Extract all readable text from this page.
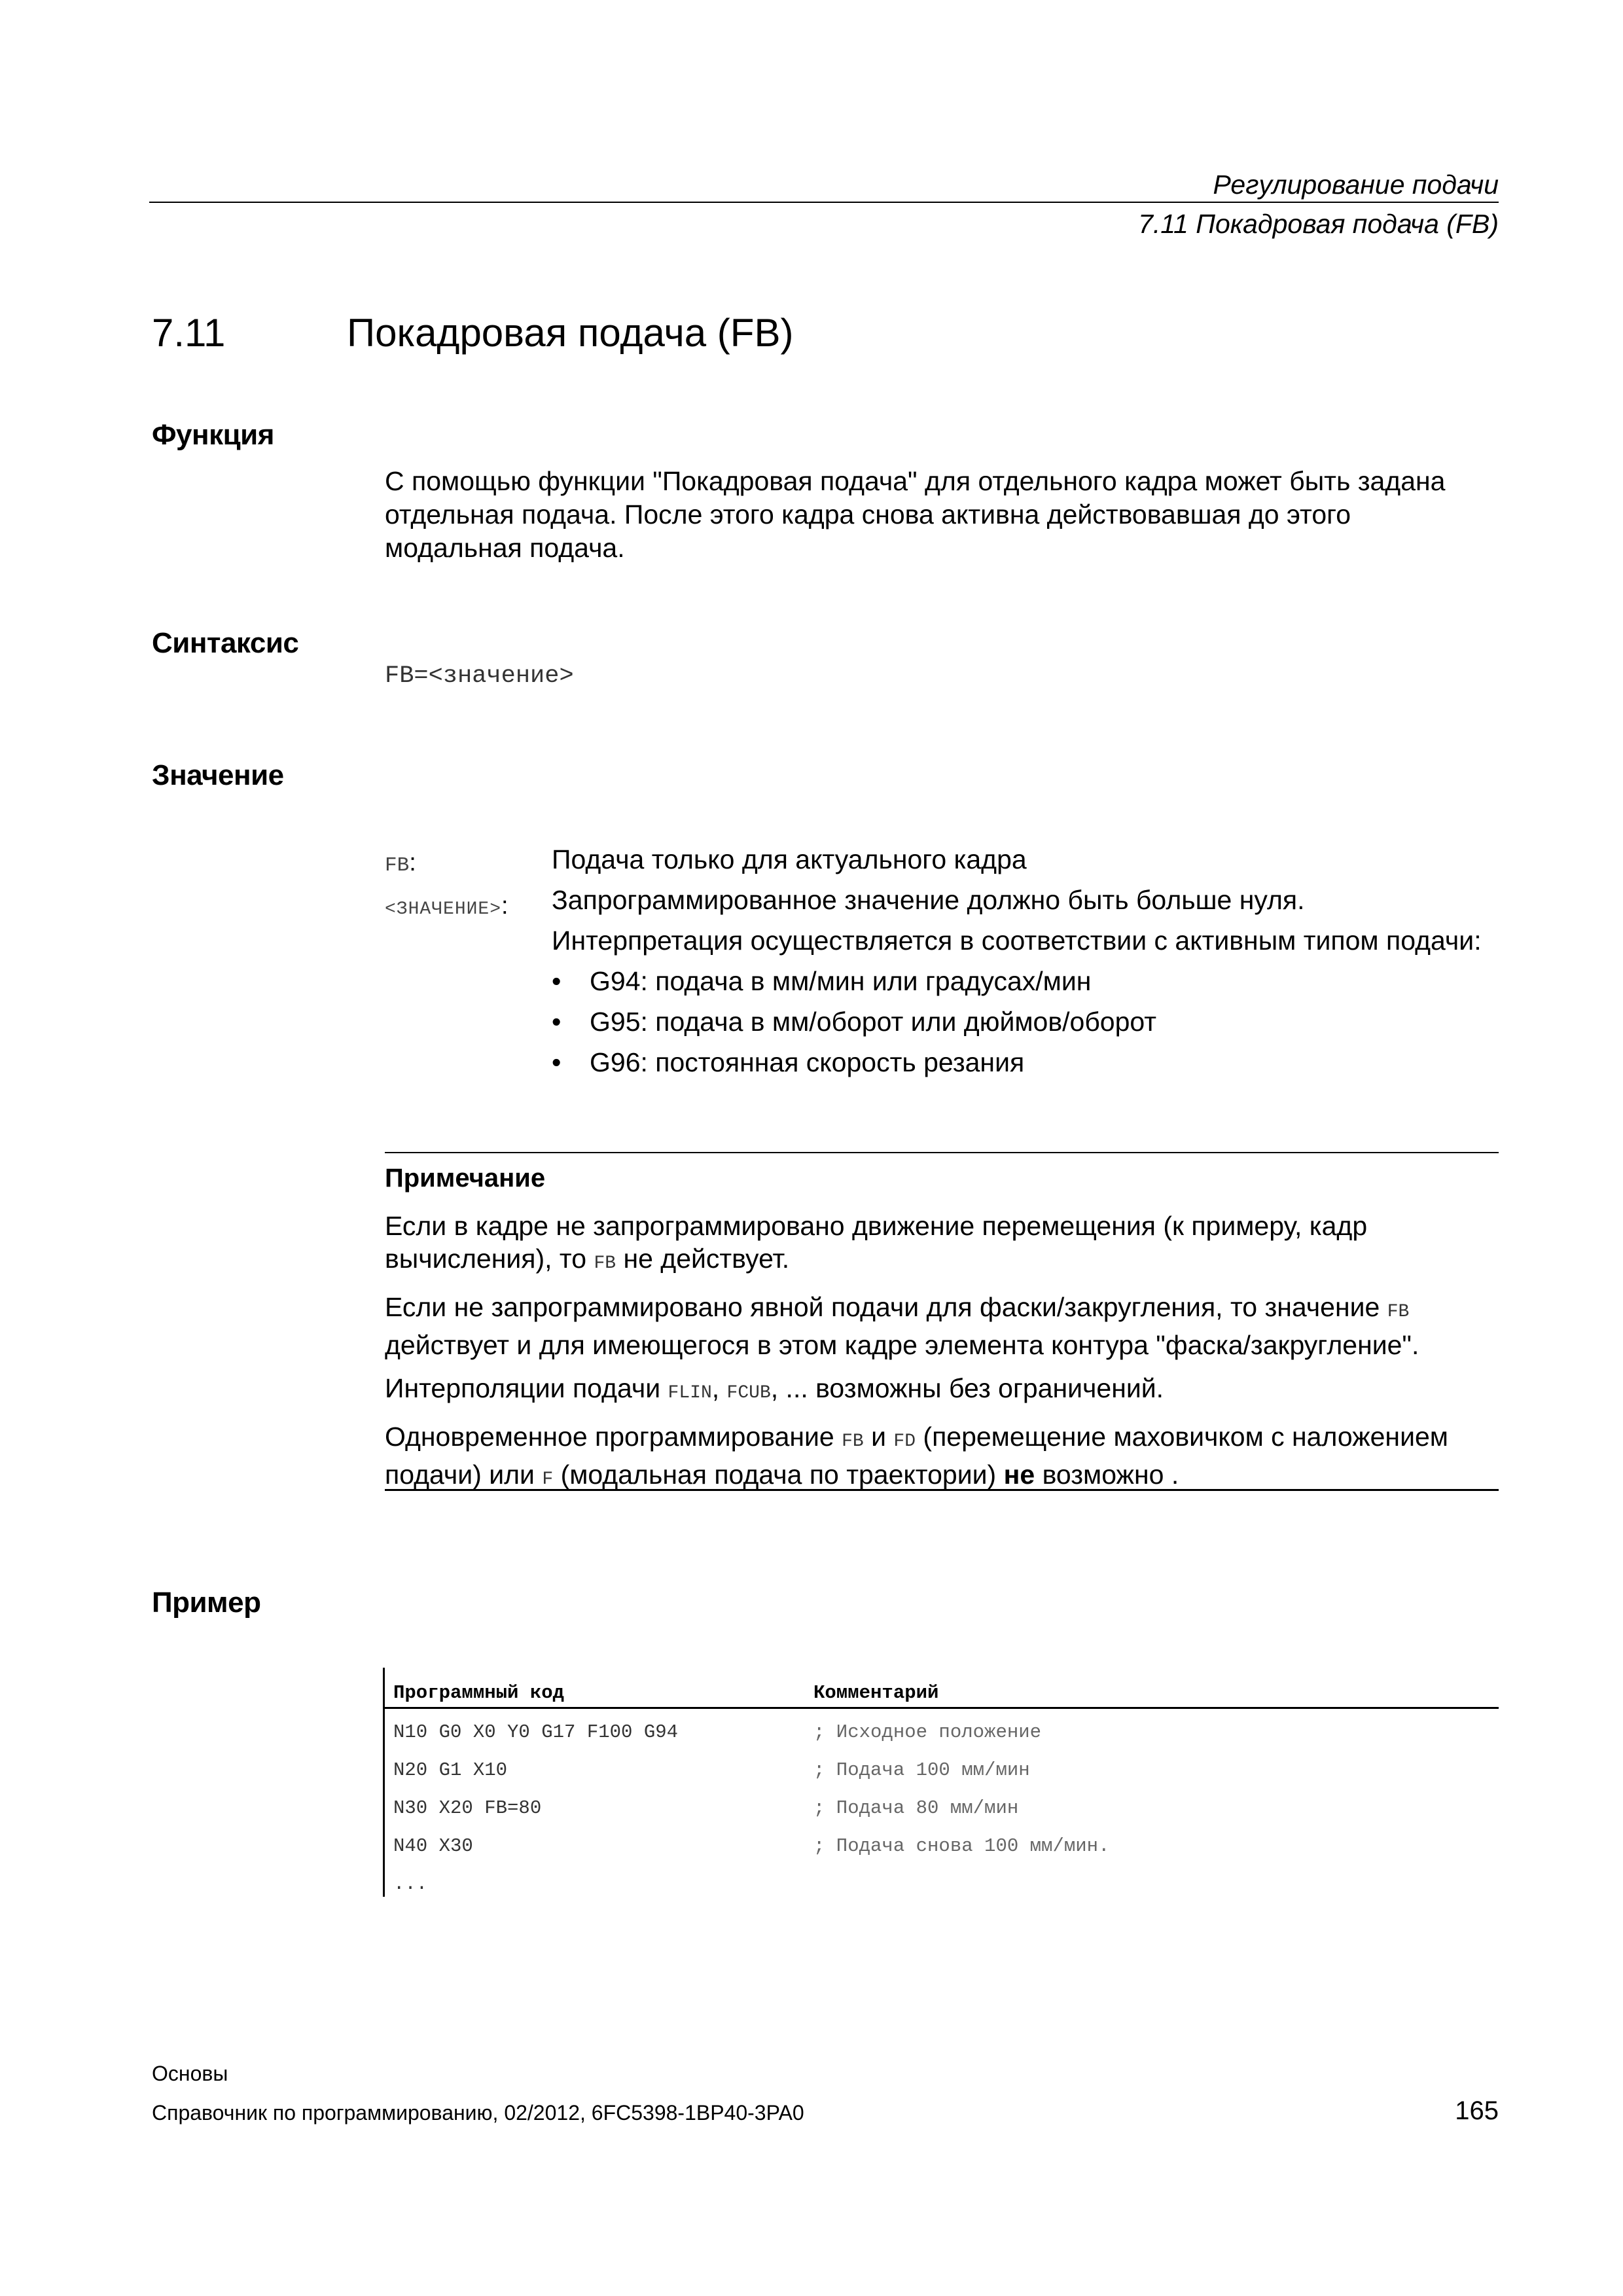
Регулирование подачи
7.11 Покадровая подача (FB)
7.11	Покадровая подача (FB)
Функция
С помощью функции "Покадровая подача" для отдельного кадра может быть задана
отдельная подача. После этого кадра снова активна действовавшая до этого
модальная подача.
Синтаксис
FB=<значение>
Значение
FB:	Подача только для актуального кадра
<ЗНАЧЕНИЕ>: Запрограммированное значение должно быть больше нуля.
Интерпретация осуществляется в соответствии с активным типом подачи:
• G94: подача в мм/мин или градусах/мин
• G95: подача в мм/оборот или дюймов/оборот
• G96: постоянная скорость резания
Примечание
Если в кадре не запрограммировано движение перемещения (к примеру, кадр
вычисления), то FB не действует.
Если не запрограммировано явной подачи для фаски/закругления, то значение FB
действует и для имеющегося в этом кадре элемента контура "фаска/закругление".
Интерполяции подачи FLIN, FCUB, ... возможны без ограничений.
Одновременное программирование FB и FD (перемещение маховичком с наложением
подачи) или F (модальная подача по траектории) не возможно .
Пример
Программный код	Комментарий
N10 G0 X0 Y0 G17 F100 G94	; Исходное положение
N20 G1 X10	; Подача 100 мм/мин
N30 X20 FB=80	; Подача 80 мм/мин
N40 X30	; Подача снова 100 мм/мин.
...
Основы
Справочник по программированию, 02/2012, 6FC5398-1BP40-3PA0	165
